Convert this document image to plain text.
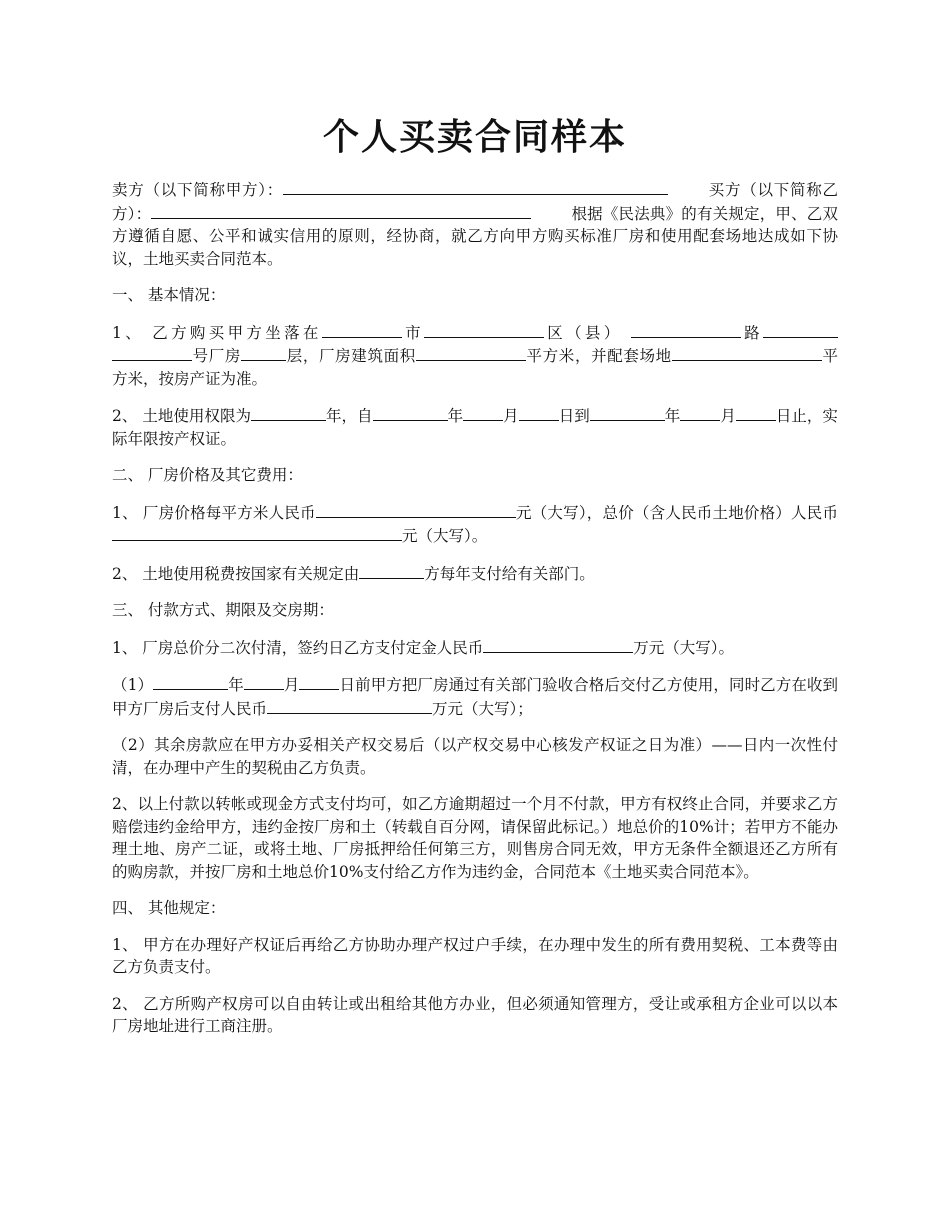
个人买卖合同样本

卖方（以下简称甲方）：	买方（以下简称乙方）：	根据《民法典》的有关规定，甲、乙双方遵循自愿、公平和诚实信用的原则，经协商，就乙方向甲方购买标准厂房和使用配套场地达成如下协议，土地买卖合同范本。

一、 基本情况：

1、 乙方购买甲方坐落在	市	区（县）	路 号厂房	层，厂房建筑面积	平方米，并配套场地	平方米，按房产证为准。

2、 土地使用权限为	年，自	年	月	日到	年	月	日止，实际年限按产权证。

二、 厂房价格及其它费用：

1、 厂房价格每平方米人民币	元（大写），总价（含人民币土地价格）人民币元（大写）。

2、 土地使用税费按国家有关规定由	方每年支付给有关部门。

三、 付款方式、期限及交房期：

1、 厂房总价分二次付清，签约日乙方支付定金人民币	万元（大写）。

（1）	年	月	日前甲方把厂房通过有关部门验收合格后交付乙方使用，同时乙方在收到甲方厂房后支付人民币	万元（大写）；

（2）其余房款应在甲方办妥相关产权交易后（以产权交易中心核发产权证之日为准）——日内一次性付清，在办理中产生的契税由乙方负责。

2、以上付款以转帐或现金方式支付均可，如乙方逾期超过一个月不付款，甲方有权终止合同，并要求乙方赔偿违约金给甲方，违约金按厂房和土（转载自百分网，请保留此标记。）地总价的10%计；若甲方不能办理土地、房产二证，或将土地、厂房抵押给任何第三方，则售房合同无效，甲方无条件全额退还乙方所有的购房款，并按厂房和土地总价10%支付给乙方作为违约金，合同范本《土地买卖合同范本》。

四、 其他规定：

1、 甲方在办理好产权证后再给乙方协助办理产权过户手续，在办理中发生的所有费用契税、工本费等由乙方负责支付。

2、 乙方所购产权房可以自由转让或出租给其他方办业，但必须通知管理方，受让或承租方企业可以以本厂房地址进行工商注册。
